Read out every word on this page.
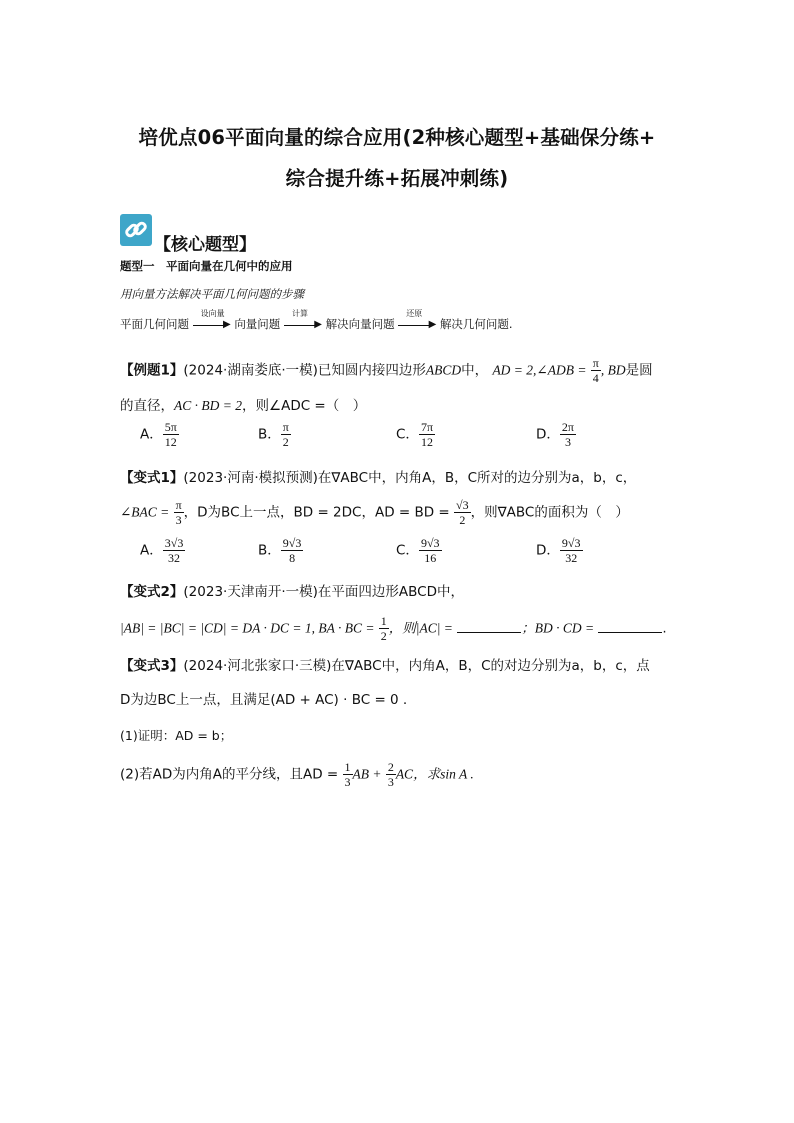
培优点06平面向量的综合应用(2种核心题型+基础保分练+
综合提升练+拓展冲刺练)
【核心题型】
题型一　平面向量在几何中的应用
用向量方法解决平面几何问题的步骤
平面几何问题
设向量
▶ 向量问题
计算
▶ 解决向量问题
还原
▶ 解决几何问题.
【例题1】(2024·湖南娄底·一模)已知圆内接四边形ABCD中， AD = 2,∠ADB = $\frac{\pi}{4}$ , BD是圆
的直径，AC · BD = 2，则∠ADC =（　）
A． $\frac{5\pi}{12}$	B． $\frac{\pi}{2}$	C． $\frac{7\pi}{12}$	D． $\frac{2\pi}{3}$
【变式1】(2023·河南·模拟预测)在∇ABC中，内角A，B，C所对的边分别为a，b，c，
∠BAC = $\frac{\pi}{3}$ ，D为BC上一点，BD = 2DC，AD = BD = $\frac{√3}{2}$ ，则∇ABC的面积为（　）
A． $\frac{3√3}{32}$	B． $\frac{9√3}{8}$	C． $\frac{9√3}{16}$	D． $\frac{9√3}{32}$
【变式2】(2023·天津南开·一模)在平面四边形ABCD中，
|AB| = |BC| = |CD| = DA · DC = 1, BA · BC = $\frac{1}{2}$ ，则|AC| =	；BD · CD =	.
【变式3】(2024·河北张家口·三模)在∇ABC中，内角A，B，C的对边分别为a，b，c，点
D为边BC上一点，且满足(AD + AC) · BC = 0 .
(1)证明：AD = b；
(2)若AD为内角A的平分线，且AD = $\frac{1}{3}$ AB + $\frac{2}{3}$ AC，求sin A .
